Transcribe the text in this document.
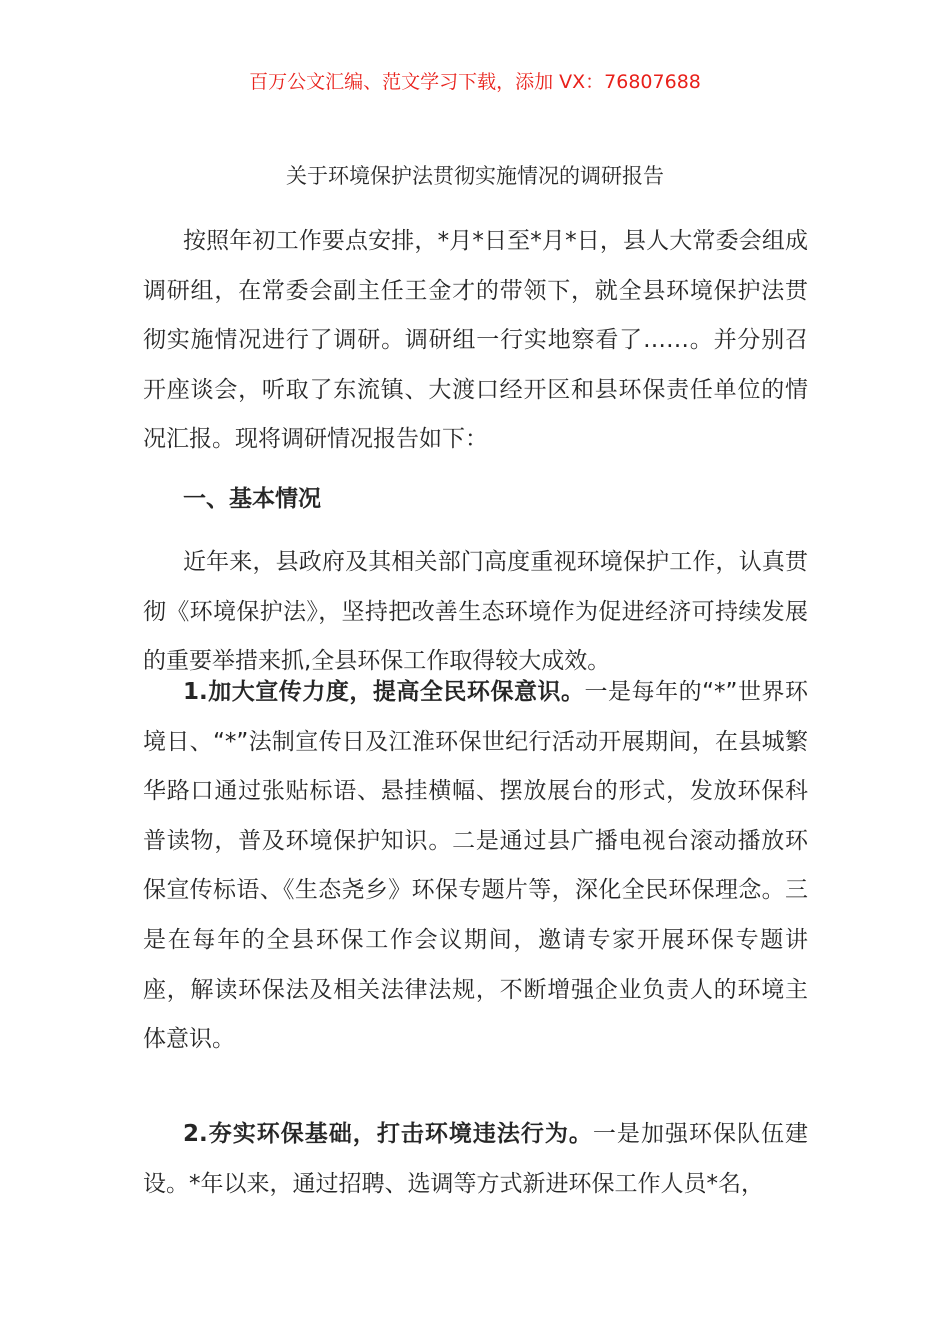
百万公文汇编、范文学习下载，添加 VX：76807688
关于环境保护法贯彻实施情况的调研报告

按照年初工作要点安排，*月*日至*月*日，县人大常委会组成调研组，在常委会副主任王金才的带领下，就全县环境保护法贯彻实施情况进行了调研。调研组一行实地察看了……。并分别召开座谈会，听取了东流镇、大渡口经开区和县环保责任单位的情况汇报。现将调研情况报告如下：

一、基本情况

近年来，县政府及其相关部门高度重视环境保护工作，认真贯彻《环境保护法》，坚持把改善生态环境作为促进经济可持续发展的重要举措来抓,全县环保工作取得较大成效。

1.加大宣传力度，提高全民环保意识。一是每年的“*”世界环境日、“*”法制宣传日及江淮环保世纪行活动开展期间，在县城繁华路口通过张贴标语、悬挂横幅、摆放展台的形式，发放环保科普读物，普及环境保护知识。二是通过县广播电视台滚动播放环保宣传标语、《生态尧乡》环保专题片等，深化全民环保理念。三是在每年的全县环保工作会议期间，邀请专家开展环保专题讲座，解读环保法及相关法律法规，不断增强企业负责人的环境主体意识。

2.夯实环保基础，打击环境违法行为。一是加强环保队伍建设。*年以来，通过招聘、选调等方式新进环保工作人员*名，
